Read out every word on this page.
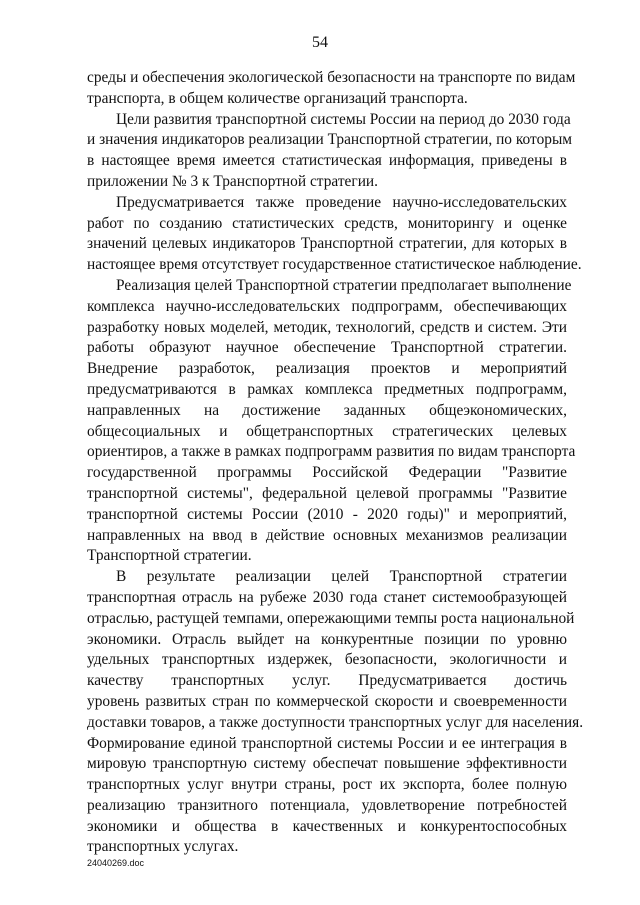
54

среды и обеспечения экологической безопасности на транспорте по видам
транспорта, в общем количестве организаций транспорта.

Цели развития транспортной системы России на период до 2030 года
и значения индикаторов реализации Транспортной стратегии, по которым
в настоящее время имеется статистическая информация, приведены в
приложении № 3 к Транспортной стратегии.

Предусматривается также проведение научно-исследовательских
работ по созданию статистических средств, мониторингу и оценке
значений целевых индикаторов Транспортной стратегии, для которых в
настоящее время отсутствует государственное статистическое наблюдение.

Реализация целей Транспортной стратегии предполагает выполнение
комплекса научно-исследовательских подпрограмм, обеспечивающих
разработку новых моделей, методик, технологий, средств и систем. Эти
работы образуют научное обеспечение Транспортной стратегии.
Внедрение разработок, реализация проектов и мероприятий
предусматриваются в рамках комплекса предметных подпрограмм,
направленных на достижение заданных общеэкономических,
общесоциальных и общетранспортных стратегических целевых
ориентиров, а также в рамках подпрограмм развития по видам транспорта
государственной программы Российской Федерации "Развитие
транспортной системы", федеральной целевой программы "Развитие
транспортной системы России (2010 - 2020 годы)" и мероприятий,
направленных на ввод в действие основных механизмов реализации
Транспортной стратегии.

В результате реализации целей Транспортной стратегии
транспортная отрасль на рубеже 2030 года станет системообразующей
отраслью, растущей темпами, опережающими темпы роста национальной
экономики. Отрасль выйдет на конкурентные позиции по уровню
удельных транспортных издержек, безопасности, экологичности и
качеству транспортных услуг. Предусматривается достичь
уровень развитых стран по коммерческой скорости и своевременности
доставки товаров, а также доступности транспортных услуг для населения.
Формирование единой транспортной системы России и ее интеграция в
мировую транспортную систему обеспечат повышение эффективности
транспортных услуг внутри страны, рост их экспорта, более полную
реализацию транзитного потенциала, удовлетворение потребностей
экономики и общества в качественных и конкурентоспособных
транспортных услугах.

24040269.doc
